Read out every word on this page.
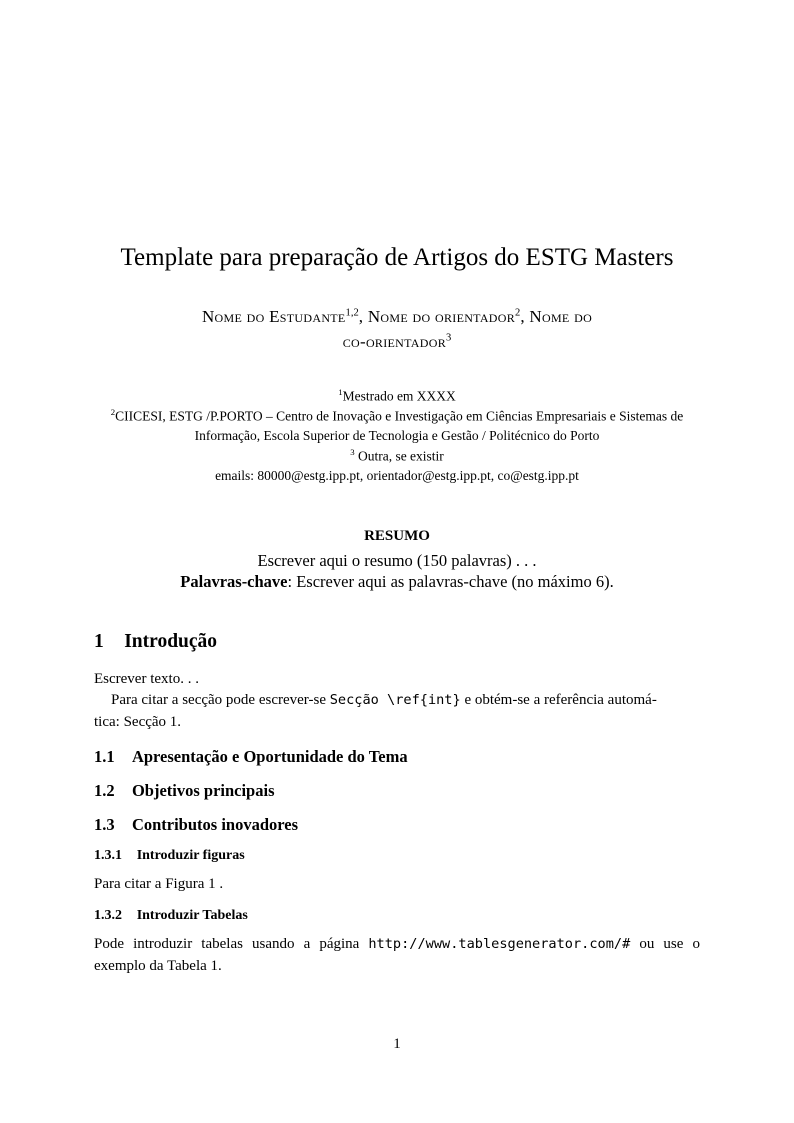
Template para preparação de Artigos do ESTG Masters
Nome do Estudante$^{1,2}$, Nome do orientador$^2$, Nome do
co-orientador$^3$
$^1$Mestrado em XXXX
$^2$CIICESI, ESTG /P.PORTO – Centro de Inovação e Investigação em Ciências Empresariais e Sistemas de Informação, Escola Superior de Tecnologia e Gestão / Politécnico do Porto
$^3$ Outra, se existir
emails: 80000@estg.ipp.pt, orientador@estg.ipp.pt, co@estg.ipp.pt
RESUMO
Escrever aqui o resumo (150 palavras) . . .
Palavras-chave: Escrever aqui as palavras-chave (no máximo 6).
1 Introdução

Escrever texto. . .

Para citar a secção pode escrever-se Secção \ref{int} e obtém-se a referência automá-
tica: Secção 1.

1.1 Apresentação e Oportunidade do Tema
1.2 Objetivos principais
1.3 Contributos inovadores
1.3.1 Introduzir figuras

Para citar a Figura 1 .

1.3.2 Introduzir Tabelas

Pode introduzir tabelas usando a página http://www.tablesgenerator.com/# ou use o exemplo da Tabela 1.

1
